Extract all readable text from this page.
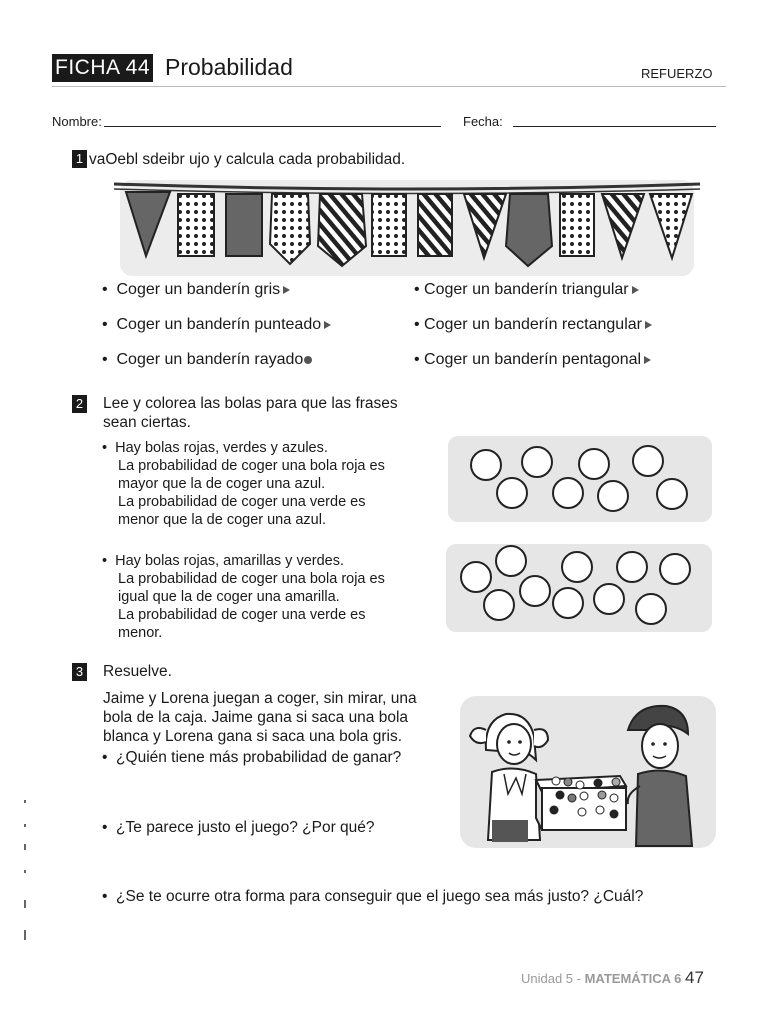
FICHA 44 Probabilidad	REFUERZO
Nombre:	Fecha:
1 vaOebl sdeibr ujo y calcula cada probabilidad.
•  Coger un banderín gris
•  Coger un banderín punteado
•  Coger un banderín rayado
• Coger un banderín triangular
• Coger un banderín rectangular
• Coger un banderín pentagonal
2 Lee y colorea las bolas para que las frases
sean ciertas.
•  Hay bolas rojas, verdes y azules.
La probabilidad de coger una bola roja es
mayor que la de coger una azul.
La probabilidad de coger una verde es
menor que la de coger una azul.
•  Hay bolas rojas, amarillas y verdes.
La probabilidad de coger una bola roja es
igual que la de coger una amarilla.
La probabilidad de coger una verde es
menor.
3 Resuelve.
Jaime y Lorena juegan a coger, sin mirar, una
bola de la caja. Jaime gana si saca una bola
blanca y Lorena gana si saca una bola gris.
•  ¿Quién tiene más probabilidad de ganar?
•  ¿Te parece justo el juego? ¿Por qué?
•  ¿Se te ocurre otra forma para conseguir que el juego sea más justo? ¿Cuál?
Unidad 5 - MATEMÁTICA 6 47
